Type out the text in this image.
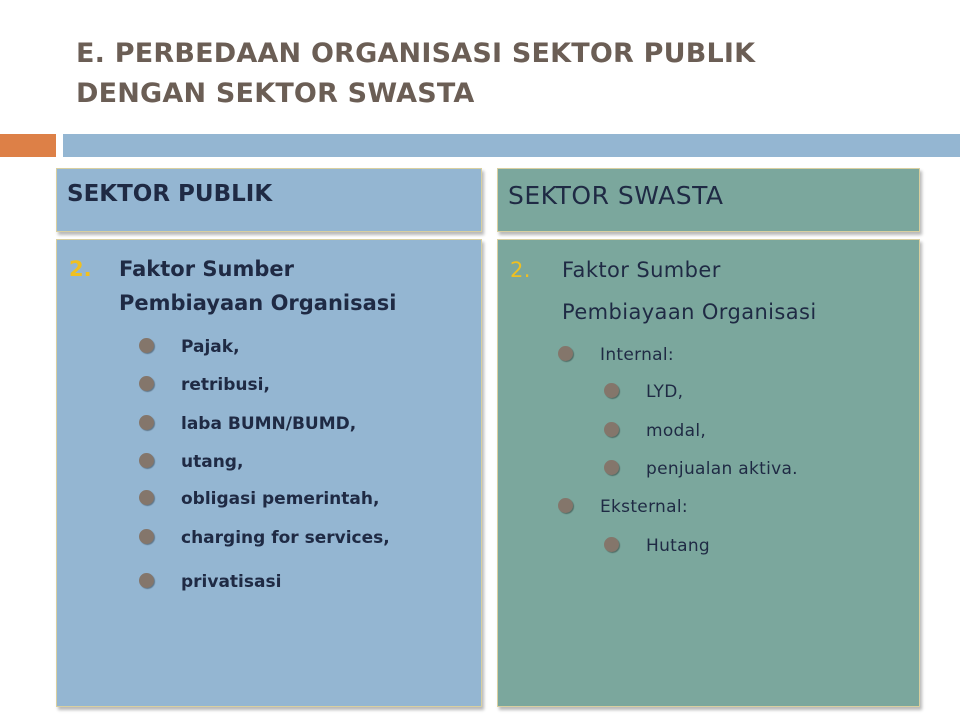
E. PERBEDAAN ORGANISASI SEKTOR PUBLIK
DENGAN SEKTOR SWASTA
SEKTOR PUBLIK	SEKTOR SWASTA
2. Faktor Sumber
Pembiayaan Organisasi
Pajak,
retribusi,
laba BUMN/BUMD,
utang,
obligasi pemerintah,
charging for services,
privatisasi
2. Faktor Sumber
Pembiayaan Organisasi
Internal:
LYD,
modal,
penjualan aktiva.
Eksternal:
Hutang
